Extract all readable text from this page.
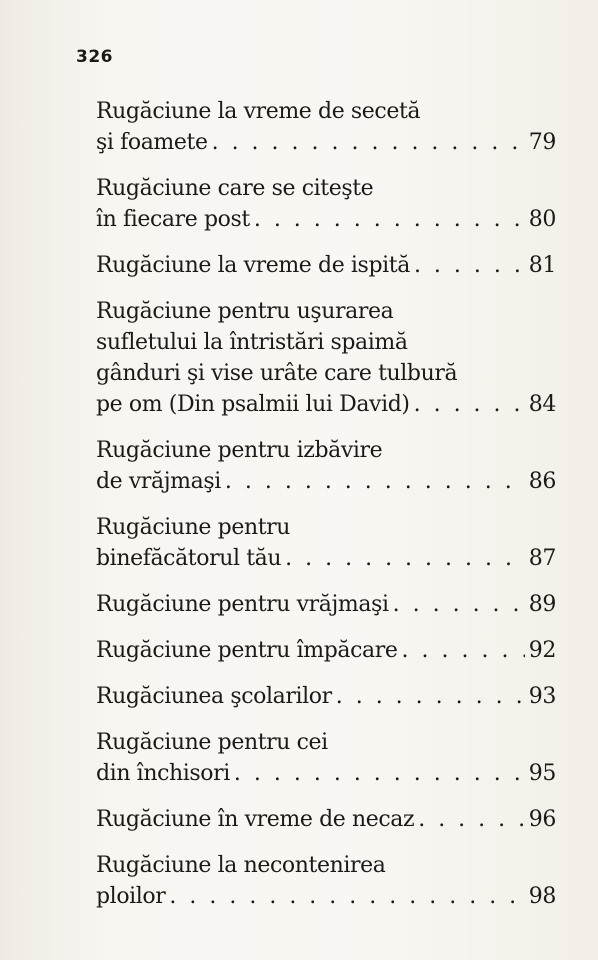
326
Rugăciune la vreme de secetă
şi foamete . . .	79
Rugăciune care se citeşte
în fiecare post . . .	80
Rugăciune la vreme de ispită . . .	81
Rugăciune pentru uşurarea
sufletului la întristări spaimă
gânduri şi vise urâte care tulbură
pe om (Din psalmii lui David) . . .	84
Rugăciune pentru izbăvire
de vrăjmaşi . . .	86
Rugăciune pentru
binefăcătorul tău . . .	87
Rugăciune pentru vrăjmaşi . . .	89
Rugăciune pentru împăcare . . .	92
Rugăciunea şcolarilor . . .	93
Rugăciune pentru cei
din închisori . . .	95
Rugăciune în vreme de necaz . . .	96
Rugăciune la necontenirea
ploilor . . .	98
